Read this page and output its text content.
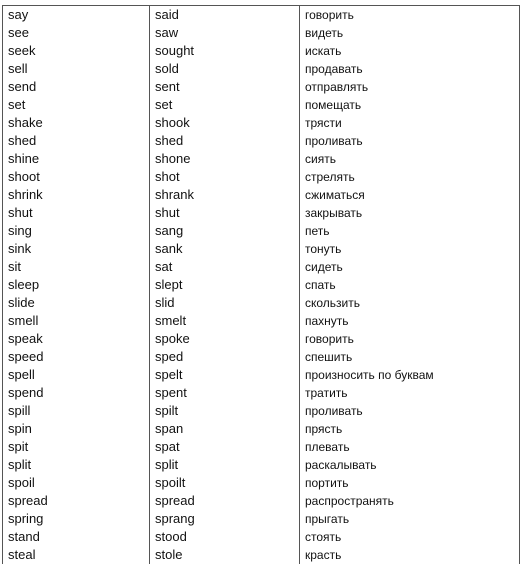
say	said	говорить
see	saw	видеть
seek	sought	искать
sell	sold	продавать
send	sent	отправлять
set	set	помещать
shake	shook	трясти
shed	shed	проливать
shine	shone	сиять
shoot	shot	стрелять
shrink	shrank	сжиматься
shut	shut	закрывать
sing	sang	петь
sink	sank	тонуть
sit	sat	сидеть
sleep	slept	спать
slide	slid	скользить
smell	smelt	пахнуть
speak	spoke	говорить
speed	sped	спешить
spell	spelt	произносить по буквам
spend	spent	тратить
spill	spilt	проливать
spin	span	прясть
spit	spat	плевать
split	split	раскалывать
spoil	spoilt	портить
spread	spread	распространять
spring	sprang	прыгать
stand	stood	стоять
steal	stole	красть
